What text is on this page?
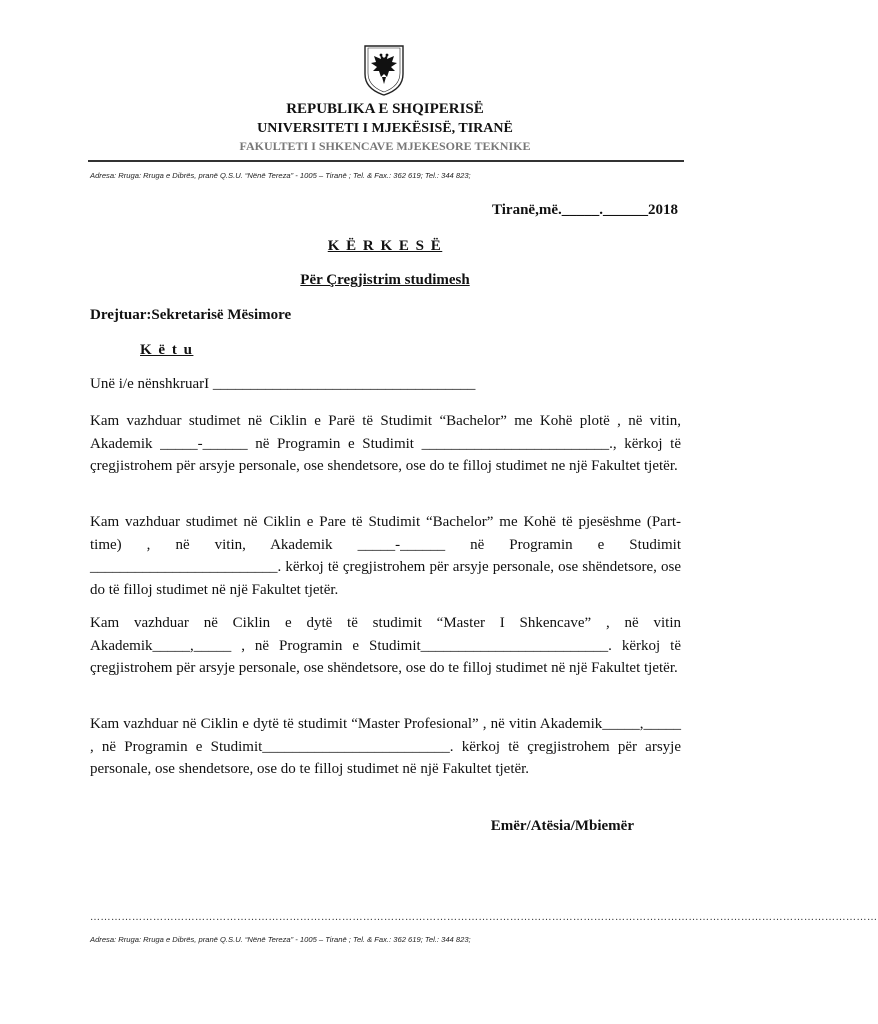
REPUBLIKA E SHQIPERISË
UNIVERSITETI I MJEKËSISË, TIRANË
FAKULTETI I SHKENCAVE MJEKESORE TEKNIKE
Adresa: Rruga: Rruga e Dibrës, pranë Q.S.U. “Nënë Tereza” - 1005 – Tiranë ; Tel. & Fax.: 362 619; Tel.: 344 823;
Tiranë,më._____.______2018
K Ë R K E S Ë
Për Çregjistrim studimesh
Drejtuar:Sekretarisë Mësimore
K ë t u
Unë i/e nënshkruarI ___________________________________
Kam vazhduar studimet në Ciklin e Parë të Studimit “Bachelor” me Kohë plotë , në vitin, Akademik _____-______ në Programin e Studimit _________________________., kërkoj të çregjistrohem për arsyje personale, ose shendetsore, ose do te filloj studimet ne një Fakultet tjetër.
Kam vazhduar studimet në Ciklin e Pare të Studimit “Bachelor” me Kohë të pjesëshme (Part-time) , në vitin, Akademik _____-______ në Programin e Studimit _________________________. kërkoj të çregjistrohem për arsyje personale, ose shëndetsore, ose do të filloj studimet në një Fakultet tjetër.
Kam vazhduar në Ciklin e dytë të studimit “Master I Shkencave” , në vitin Akademik_____,_____ , në Programin e Studimit_________________________. kërkoj të çregjistrohem për arsyje personale, ose shëndetsore, ose do te filloj studimet në një Fakultet tjetër.
Kam vazhduar në Ciklin e dytë të studimit “Master Profesional” , në vitin Akademik_____,_____ , në Programin e Studimit_________________________. kërkoj të çregjistrohem për arsyje personale, ose shendetsore, ose do te filloj studimet në një Fakultet tjetër.
Emër/Atësia/Mbiemër
………………………………………………………………………………………………………………………………………………………………………………………………………
Adresa: Rruga: Rruga e Dibrës, pranë Q.S.U. “Nënë Tereza” - 1005 – Tiranë ; Tel. & Fax.: 362 619; Tel.: 344 823;
